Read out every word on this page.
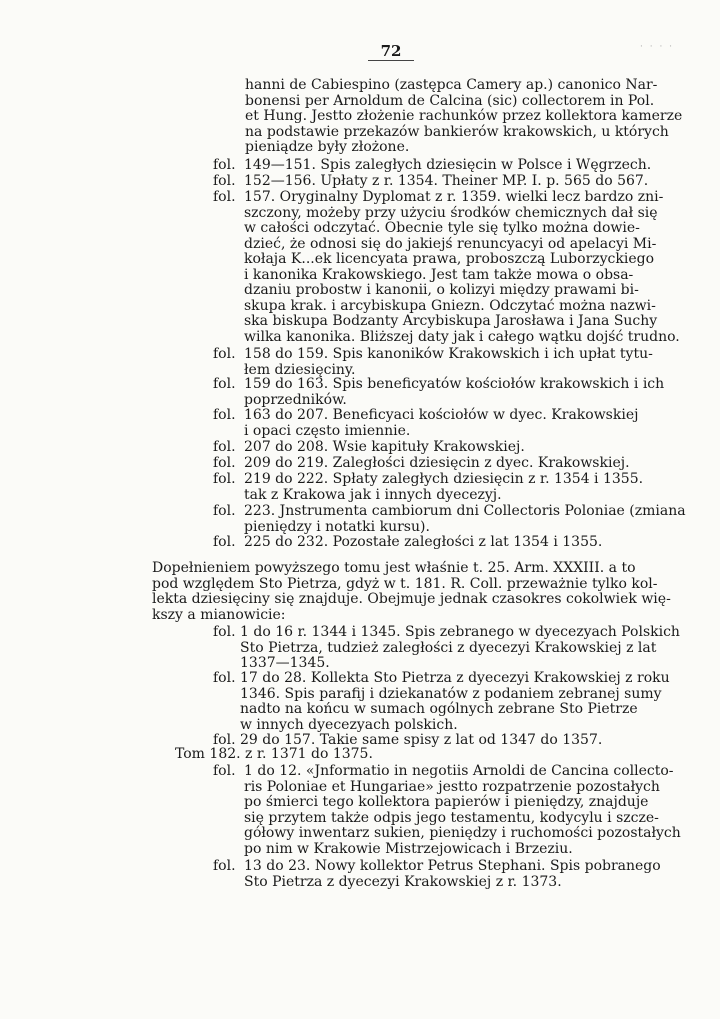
72	· · · ·
hanni de Cabiespino (zastępca Camery ap.) canonico Nar-
bonensi per Arnoldum de Calcina (sic) collectorem in Pol.
et Hung. Jestto złożenie rachunków przez kollektora kamerze
na podstawie przekazów bankierów krakowskich, u których
pieniądze były złożone.
fol. 149—151. Spis zaległych dziesięcin w Polsce i Węgrzech.
fol. 152—156. Upłaty z r. 1354. Theiner MP. I. p. 565 do 567.
fol. 157. Oryginalny Dyplomat z r. 1359. wielki lecz bardzo zni-
szczony, możeby przy użyciu środków chemicznych dał się
w całości odczytać. Obecnie tyle się tylko można dowie-
dzieć, że odnosi się do jakiejś renuncyacyi od apelacyi Mi-
kołaja K...ek licencyata prawa, proboszczą Luborzyckiego
i kanonika Krakowskiego. Jest tam także mowa o obsa-
dzaniu probostw i kanonii, o kolizyi między prawami bi-
skupa krak. i arcybiskupa Gniezn. Odczytać można nazwi-
ska biskupa Bodzanty Arcybiskupa Jarosława i Jana Suchy
wilka kanonika. Bliższej daty jak i całego wątku dojść trudno.
fol. 158 do 159. Spis kanoników Krakowskich i ich upłat tytu-
łem dziesięciny.
fol. 159 do 163. Spis beneficyatów kościołów krakowskich i ich
poprzedników.
fol. 163 do 207. Beneficyaci kościołów w dyec. Krakowskiej
i opaci często imiennie.
fol. 207 do 208. Wsie kapituły Krakowskiej.
fol. 209 do 219. Zaległości dziesięcin z dyec. Krakowskiej.
fol. 219 do 222. Spłaty zaległych dziesięcin z r. 1354 i 1355.
tak z Krakowa jak i innych dyecezyj.
fol. 223. Jnstrumenta cambiorum dni Collectoris Poloniae (zmiana
pieniędzy i notatki kursu).
fol. 225 do 232. Pozostałe zaległości z lat 1354 i 1355.
Dopełnieniem powyższego tomu jest właśnie t. 25. Arm. XXXIII. a to
pod względem Sto Pietrza, gdyż w t. 181. R. Coll. przeważnie tylko kol-
lekta dziesięciny się znajduje. Obejmuje jednak czasokres cokolwiek wię-
kszy a mianowicie:
fol. 1 do 16 r. 1344 i 1345. Spis zebranego w dyecezyach Polskich
Sto Pietrza, tudzież zaległości z dyecezyi Krakowskiej z lat
1337—1345.
fol. 17 do 28. Kollekta Sto Pietrza z dyecezyi Krakowskiej z roku
1346. Spis parafij i dziekanatów z podaniem zebranej sumy
nadto na końcu w sumach ogólnych zebrane Sto Pietrze
w innych dyecezyach polskich.
fol. 29 do 157. Takie same spisy z lat od 1347 do 1357.
Tom 182. z r. 1371 do 1375.
fol. 1 do 12. «Jnformatio in negotiis Arnoldi de Cancina collecto-
ris Poloniae et Hungariae» jestto rozpatrzenie pozostałych
po śmierci tego kollektora papierów i pieniędzy, znajduje
się przytem także odpis jego testamentu, kodycylu i szcze-
gółowy inwentarz sukien, pieniędzy i ruchomości pozostałych
po nim w Krakowie Mistrzejowicach i Brzeziu.
fol. 13 do 23. Nowy kollektor Petrus Stephani. Spis pobranego
Sto Pietrza z dyecezyi Krakowskiej z r. 1373.
